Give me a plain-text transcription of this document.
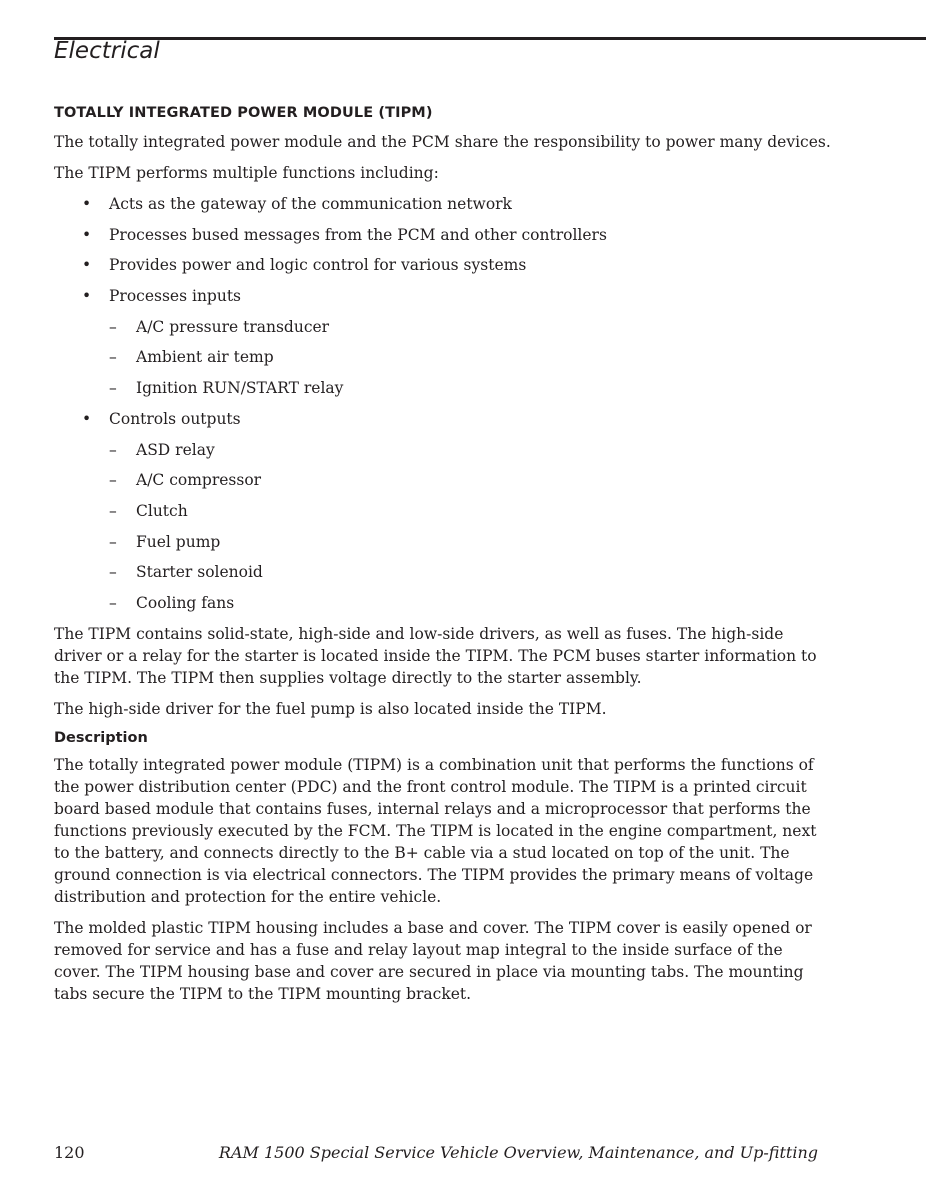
Electrical
TOTALLY INTEGRATED POWER MODULE (TIPM)

The totally integrated power module and the PCM share the responsibility to power many devices.

The TIPM performs multiple functions including:

• Acts as the gateway of the communication network
• Processes bused messages from the PCM and other controllers
• Provides power and logic control for various systems
• Processes inputs
– A/C pressure transducer
– Ambient air temp
– Ignition RUN/START relay
• Controls outputs
– ASD relay
– A/C compressor
– Clutch
– Fuel pump
– Starter solenoid
– Cooling fans

The TIPM contains solid-state, high-side and low-side drivers, as well as fuses. The high-side driver or a relay for the starter is located inside the TIPM. The PCM buses starter information to the TIPM. The TIPM then supplies voltage directly to the starter assembly.

The high-side driver for the fuel pump is also located inside the TIPM.

Description

The totally integrated power module (TIPM) is a combination unit that performs the functions of the power distribution center (PDC) and the front control module. The TIPM is a printed circuit board based module that contains fuses, internal relays and a microprocessor that performs the functions previously executed by the FCM. The TIPM is located in the engine compartment, next to the battery, and connects directly to the B+ cable via a stud located on top of the unit. The ground connection is via electrical connectors. The TIPM provides the primary means of voltage distribution and protection for the entire vehicle.

The molded plastic TIPM housing includes a base and cover. The TIPM cover is easily opened or removed for service and has a fuse and relay layout map integral to the inside surface of the cover. The TIPM housing base and cover are secured in place via mounting tabs. The mounting tabs secure the TIPM to the TIPM mounting bracket.

120	RAM 1500 Special Service Vehicle Overview, Maintenance, and Up-fitting
